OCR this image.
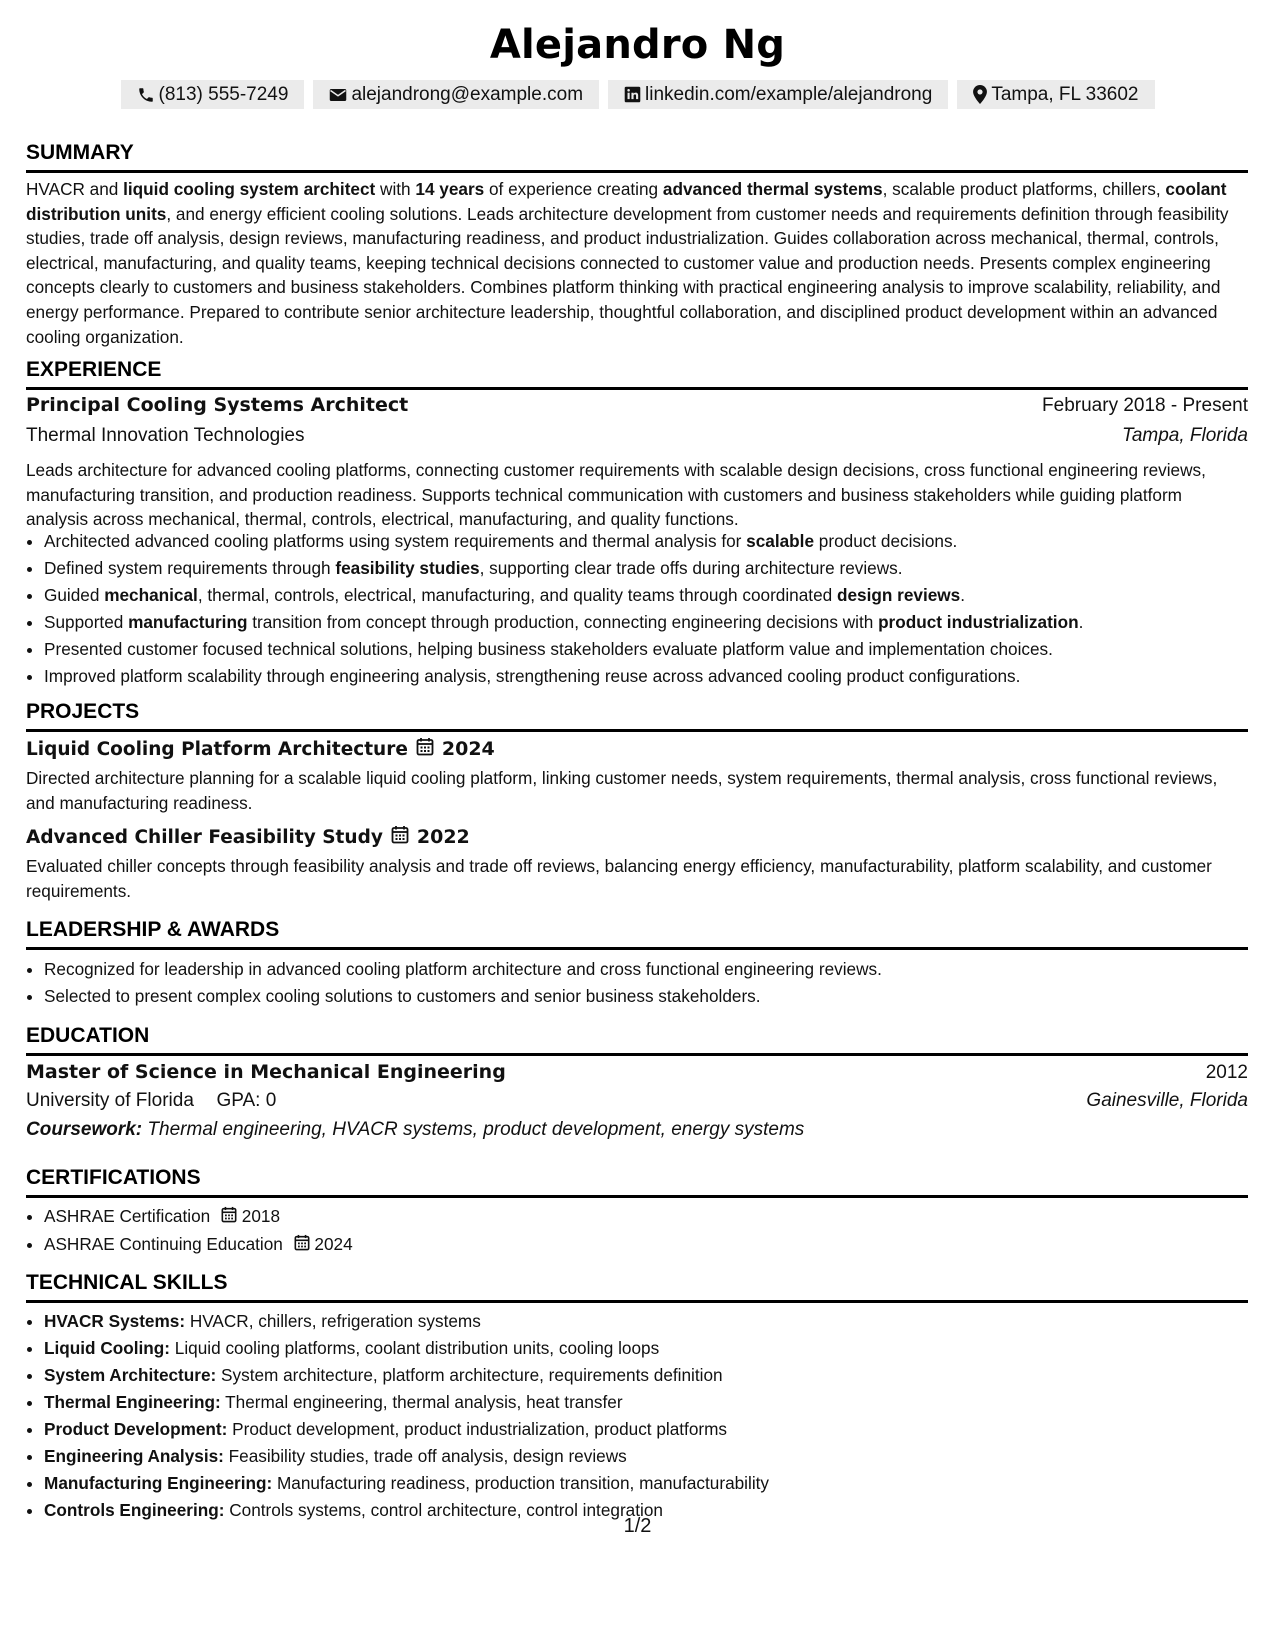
Alejandro Ng
(813) 555-7249	alejandrong@example.com	linkedin.com/example/alejandrong	Tampa, FL 33602
SUMMARY
HVACR and liquid cooling system architect with 14 years of experience creating advanced thermal systems, scalable product platforms, chillers, coolant distribution units, and energy efficient cooling solutions. Leads architecture development from customer needs and requirements definition through feasibility studies, trade off analysis, design reviews, manufacturing readiness, and product industrialization. Guides collaboration across mechanical, thermal, controls, electrical, manufacturing, and quality teams, keeping technical decisions connected to customer value and production needs. Presents complex engineering concepts clearly to customers and business stakeholders. Combines platform thinking with practical engineering analysis to improve scalability, reliability, and energy performance. Prepared to contribute senior architecture leadership, thoughtful collaboration, and disciplined product development within an advanced cooling organization.
EXPERIENCE
Principal Cooling Systems Architect	February 2018 - Present
Thermal Innovation Technologies	Tampa, Florida
Leads architecture for advanced cooling platforms, connecting customer requirements with scalable design decisions, cross functional engineering reviews, manufacturing transition, and production readiness. Supports technical communication with customers and business stakeholders while guiding platform analysis across mechanical, thermal, controls, electrical, manufacturing, and quality functions.
• Architected advanced cooling platforms using system requirements and thermal analysis for scalable product decisions.
• Defined system requirements through feasibility studies, supporting clear trade offs during architecture reviews.
• Guided mechanical, thermal, controls, electrical, manufacturing, and quality teams through coordinated design reviews.
• Supported manufacturing transition from concept through production, connecting engineering decisions with product industrialization.
• Presented customer focused technical solutions, helping business stakeholders evaluate platform value and implementation choices.
• Improved platform scalability through engineering analysis, strengthening reuse across advanced cooling product configurations.
PROJECTS
Liquid Cooling Platform Architecture 2024
Directed architecture planning for a scalable liquid cooling platform, linking customer needs, system requirements, thermal analysis, cross functional reviews, and manufacturing readiness.
Advanced Chiller Feasibility Study 2022
Evaluated chiller concepts through feasibility analysis and trade off reviews, balancing energy efficiency, manufacturability, platform scalability, and customer requirements.
LEADERSHIP & AWARDS
• Recognized for leadership in advanced cooling platform architecture and cross functional engineering reviews.
• Selected to present complex cooling solutions to customers and senior business stakeholders.
EDUCATION
Master of Science in Mechanical Engineering	2012
University of Florida GPA: 0	Gainesville, Florida
Coursework: Thermal engineering, HVACR systems, product development, energy systems
CERTIFICATIONS
• ASHRAE Certification 2018
• ASHRAE Continuing Education 2024
TECHNICAL SKILLS
• HVACR Systems: HVACR, chillers, refrigeration systems
• Liquid Cooling: Liquid cooling platforms, coolant distribution units, cooling loops
• System Architecture: System architecture, platform architecture, requirements definition
• Thermal Engineering: Thermal engineering, thermal analysis, heat transfer
• Product Development: Product development, product industrialization, product platforms
• Engineering Analysis: Feasibility studies, trade off analysis, design reviews
• Manufacturing Engineering: Manufacturing readiness, production transition, manufacturability
• Controls Engineering: Controls systems, control architecture, control integration
1/2
